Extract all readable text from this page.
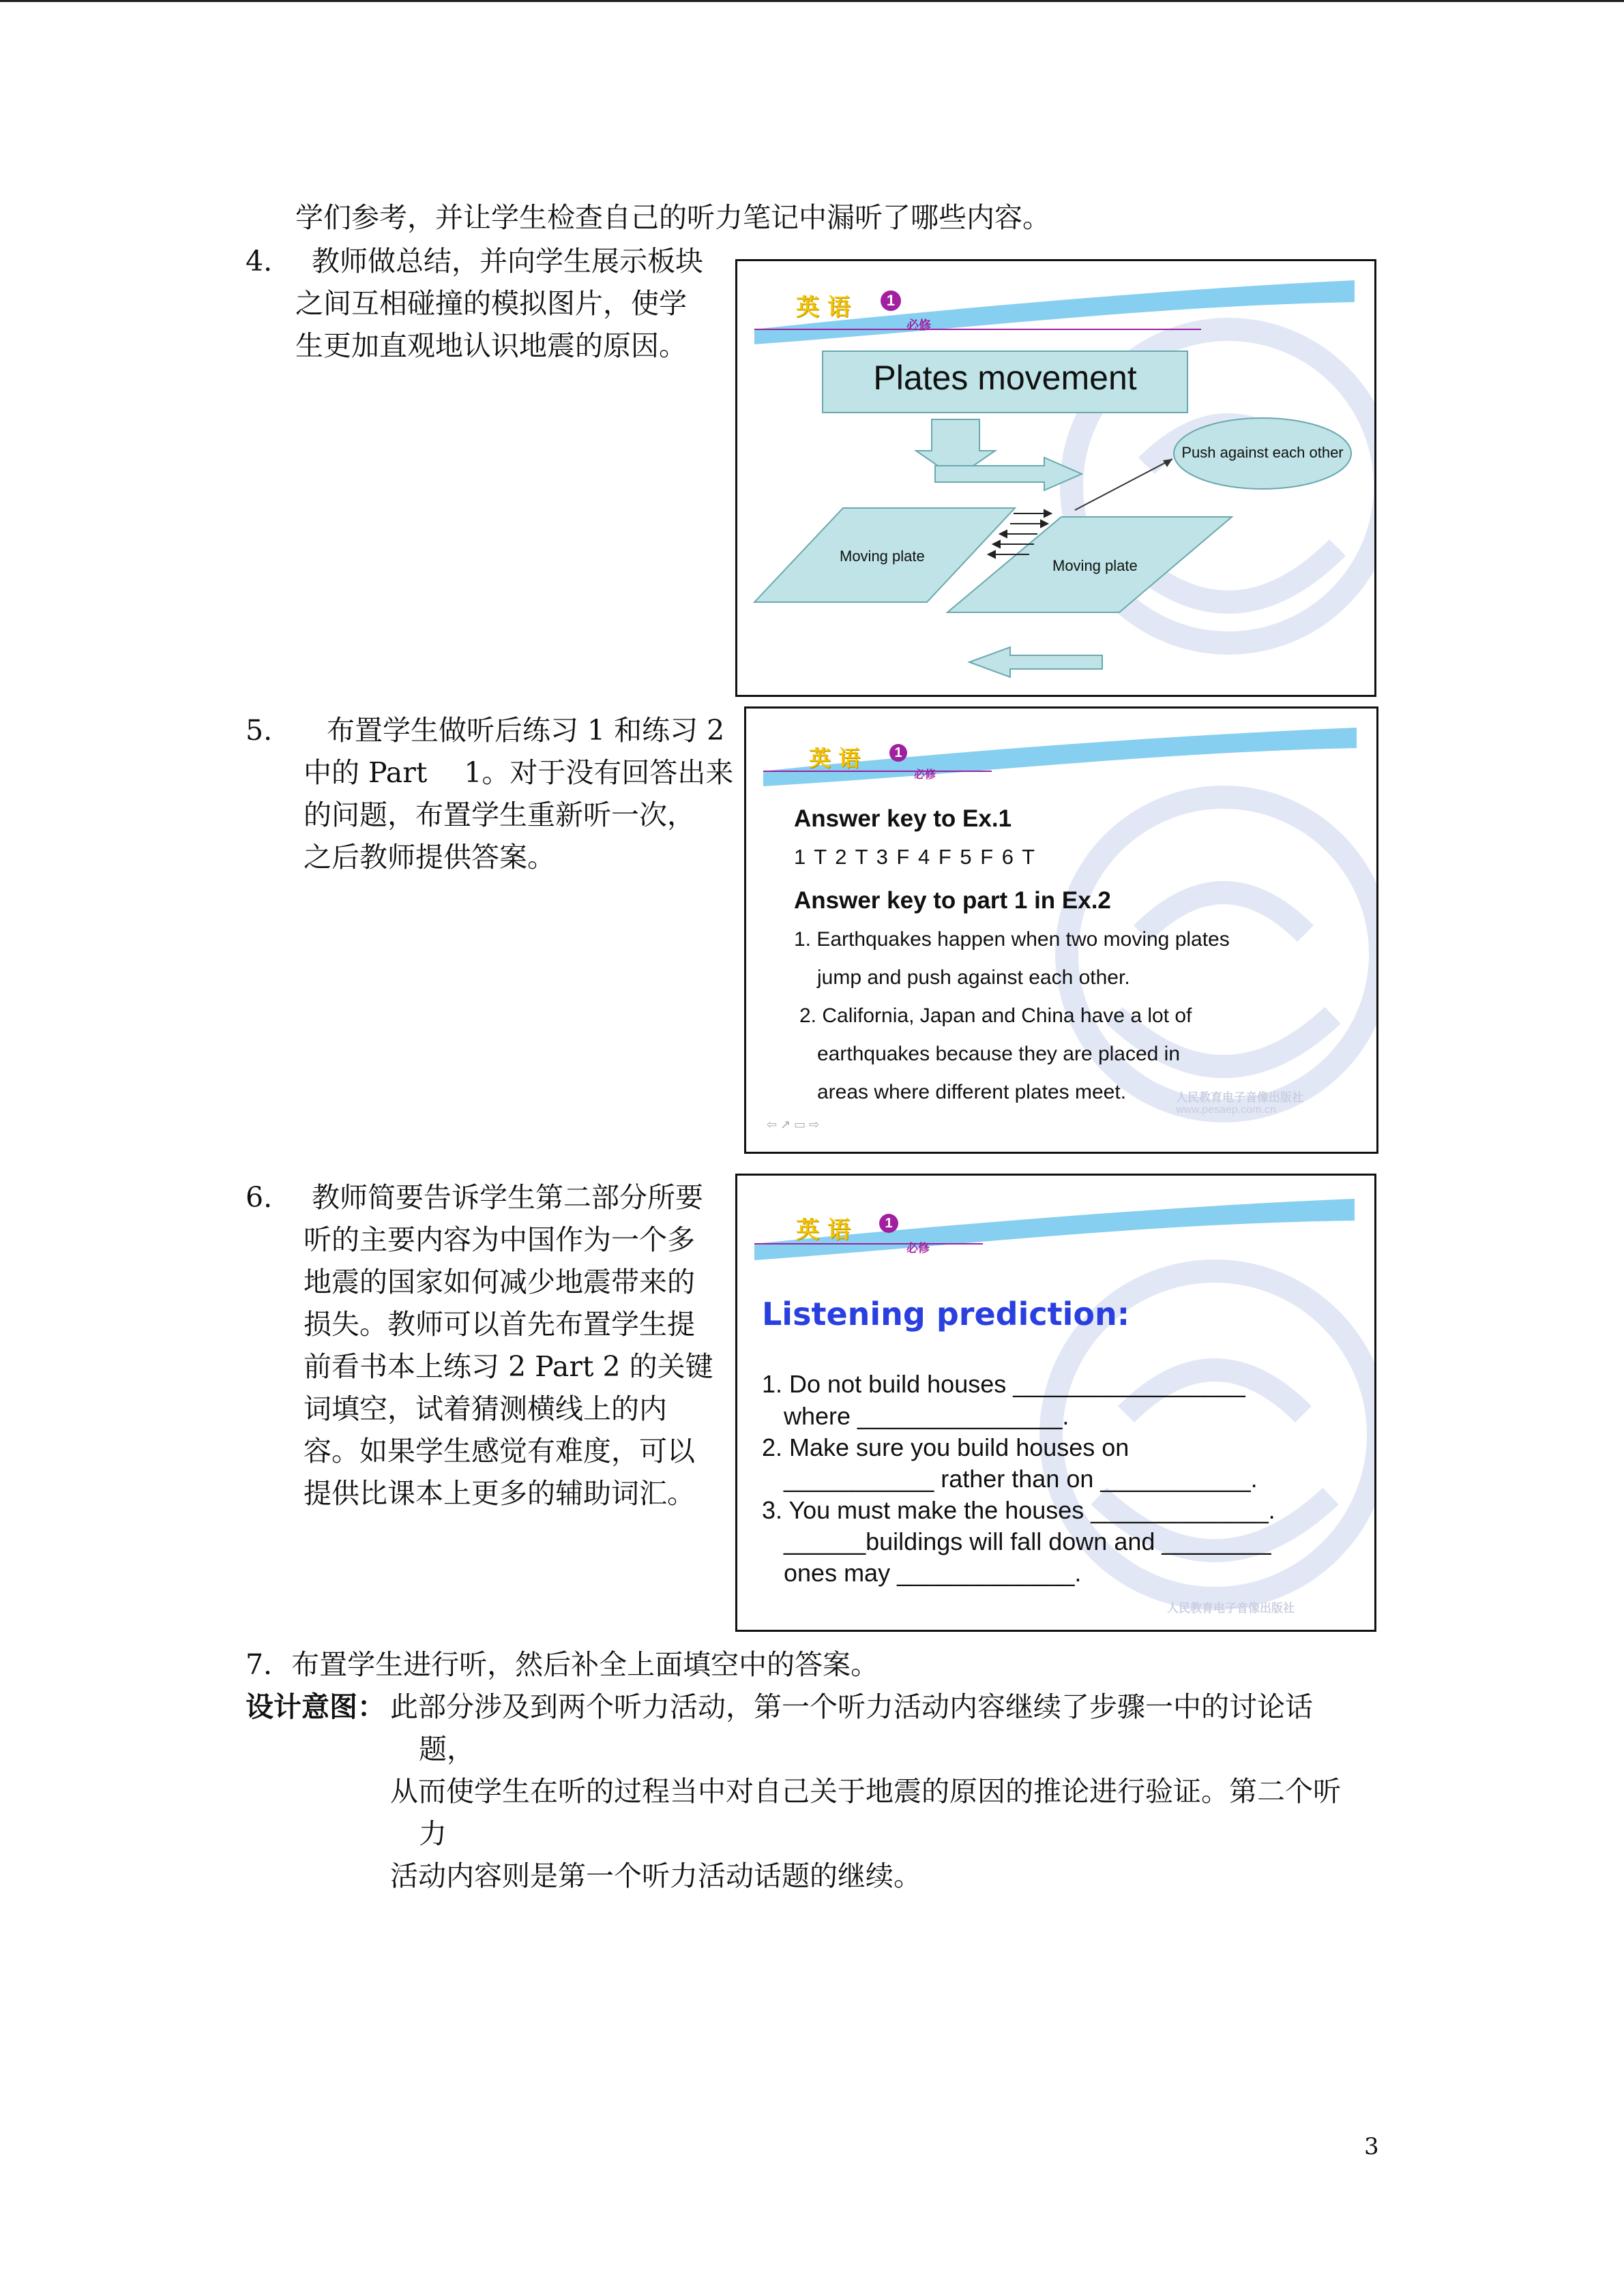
学们参考，并让学生检查自己的听力笔记中漏听了哪些内容。
4.	教师做总结，并向学生展示板块
之间互相碰撞的模拟图片，使学
生更加直观地认识地震的原因。
英 语	1
必修
Plates movement
Push against each other
Moving plate
Moving plate
5.	布置学生做听后练习 1 和练习 2
中的 Part　 1。对于没有回答出来
的问题，布置学生重新听一次，
之后教师提供答案。
英 语	1
必修
Answer key to Ex.1
1 T 2 T 3 F 4 F 5 F 6 T
Answer key to part 1 in Ex.2
1. Earthquakes happen when two moving plates
jump and push against each other.
2. California, Japan and China have a lot of
earthquakes because they are placed in
areas where different plates meet.	人民教育电子音像出版社
www.pesaep.com.cn
⇦ ↗ ▭ ⇨
6. 教师简要告诉学生第二部分所要
听的主要内容为中国作为一个多
地震的国家如何减少地震带来的
损失。教师可以首先布置学生提
前看书本上练习 2 Part 2 的关键
词填空，试着猜测横线上的内
容。如果学生感觉有难度，可以
提供比课本上更多的辅助词汇。
英 语	1
必修
Listening prediction:
1. Do not build houses _________________
where _______________.
2. Make sure you build houses on
___________ rather than on ___________.
3. You must make the houses _____________.
______buildings will fall down and ________
ones may _____________.
人民教育电子音像出版社
7．布置学生进行听，然后补全上面填空中的答案。
设计意图： 此部分涉及到两个听力活动，第一个听力活动内容继续了步骤一中的讨论话
题，
从而使学生在听的过程当中对自己关于地震的原因的推论进行验证。第二个听
力
活动内容则是第一个听力活动话题的继续。
3
